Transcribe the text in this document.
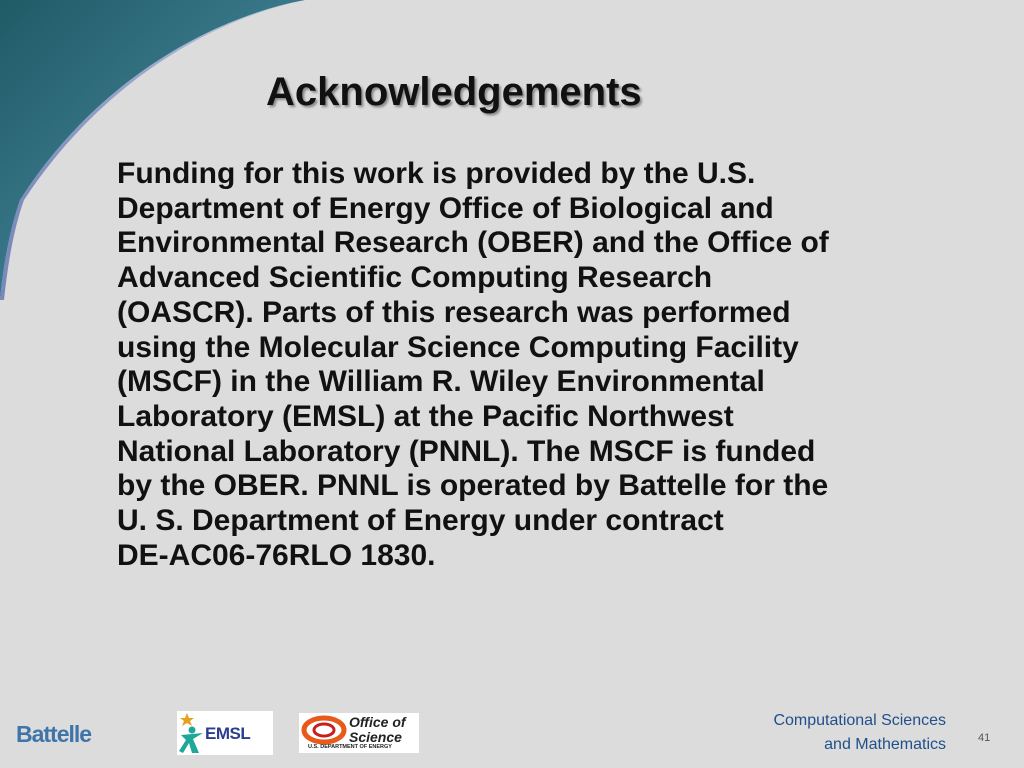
Acknowledgements
Funding for this work is provided by the U.S.
Department of Energy Office of Biological and
Environmental Research (OBER) and the Office of
Advanced Scientific Computing Research
(OASCR). Parts of this research was performed
using the Molecular Science Computing Facility
(MSCF) in the William R. Wiley Environmental
Laboratory (EMSL) at the Pacific Northwest
National Laboratory (PNNL). The MSCF is funded
by the OBER. PNNL is operated by Battelle for the
U. S. Department of Energy under contract
DE-AC06-76RLO 1830.
Battelle	EMSL
Office of
Science
U.S. DEPARTMENT OF ENERGY
Computational Sciences
and Mathematics	41
